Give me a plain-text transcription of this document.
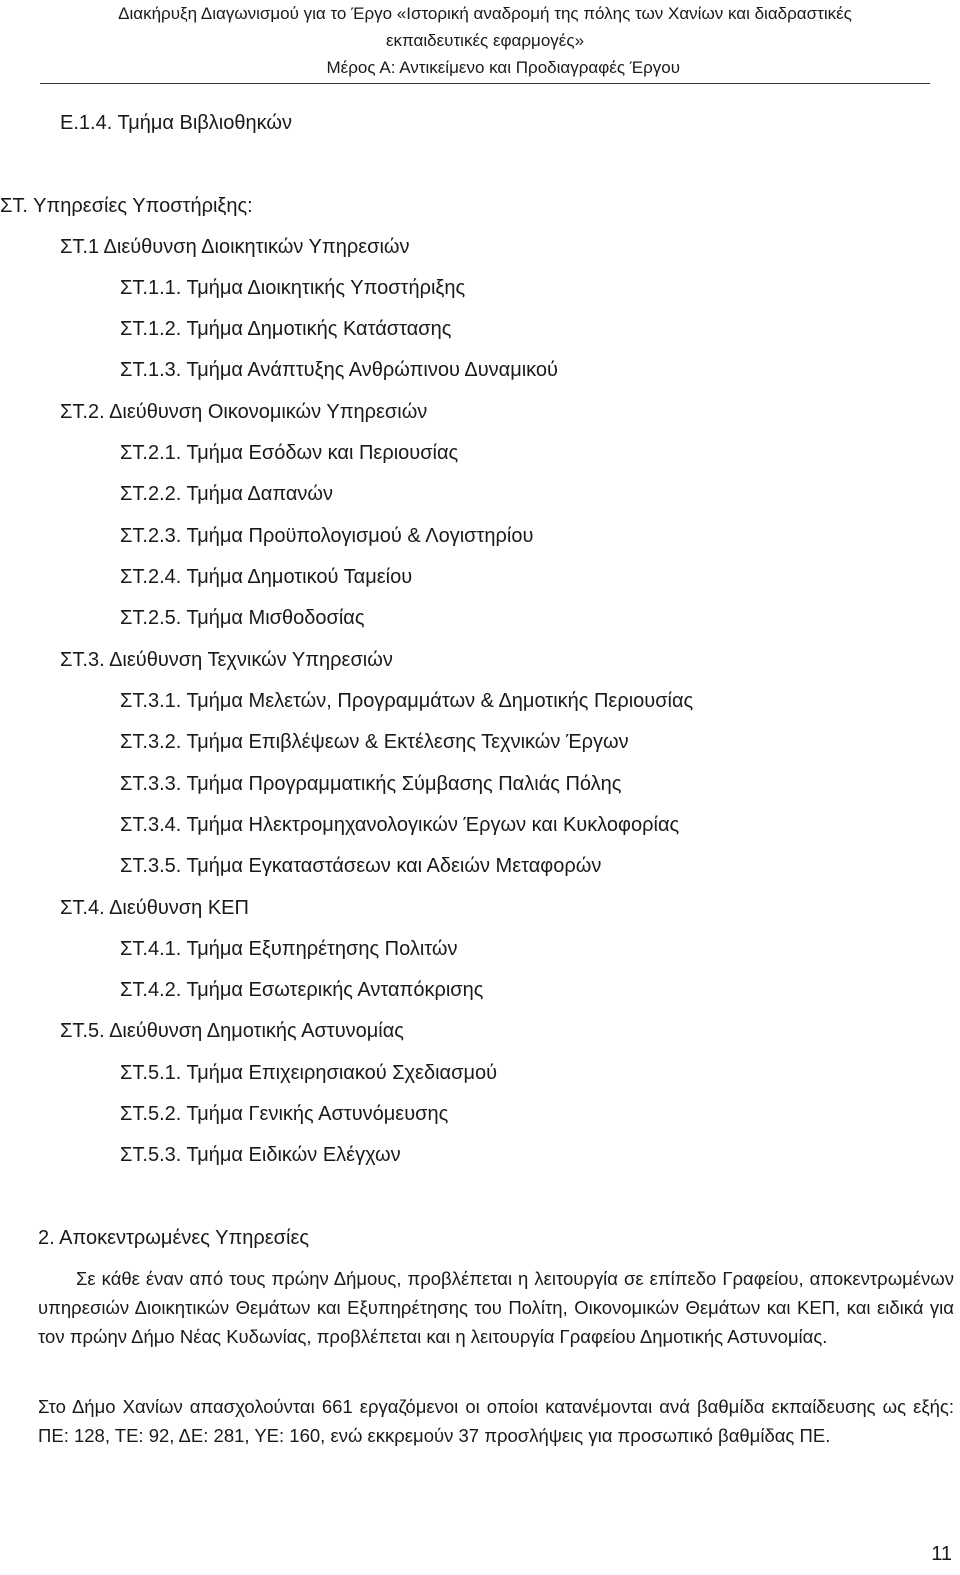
Διακήρυξη Διαγωνισμού για το Έργο «Ιστορική αναδρομή της πόλης των Χανίων και διαδραστικές
εκπαιδευτικές εφαρμογές»

Μέρος Α: Αντικείμενο και Προδιαγραφές Έργου
Ε.1.4. Τμήμα Βιβλιοθηκών
ΣΤ. Υπηρεσίες Υποστήριξης:
ΣΤ.1 Διεύθυνση Διοικητικών Υπηρεσιών
ΣΤ.1.1. Τμήμα Διοικητικής Υποστήριξης
ΣΤ.1.2. Τμήμα Δημοτικής Κατάστασης
ΣΤ.1.3. Τμήμα Ανάπτυξης Ανθρώπινου Δυναμικού
ΣΤ.2. Διεύθυνση Οικονομικών Υπηρεσιών
ΣΤ.2.1. Τμήμα Εσόδων και Περιουσίας
ΣΤ.2.2. Τμήμα Δαπανών
ΣΤ.2.3. Τμήμα Προϋπολογισμού & Λογιστηρίου
ΣΤ.2.4. Τμήμα Δημοτικού Ταμείου
ΣΤ.2.5. Τμήμα Μισθοδοσίας
ΣΤ.3. Διεύθυνση Τεχνικών Υπηρεσιών
ΣΤ.3.1. Τμήμα Μελετών, Προγραμμάτων & Δημοτικής Περιουσίας
ΣΤ.3.2. Τμήμα Επιβλέψεων & Εκτέλεσης Τεχνικών Έργων
ΣΤ.3.3. Τμήμα Προγραμματικής Σύμβασης Παλιάς Πόλης
ΣΤ.3.4. Τμήμα Ηλεκτρομηχανολογικών Έργων και Κυκλοφορίας
ΣΤ.3.5. Τμήμα Εγκαταστάσεων και Αδειών Μεταφορών
ΣΤ.4. Διεύθυνση ΚΕΠ
ΣΤ.4.1. Τμήμα Εξυπηρέτησης Πολιτών
ΣΤ.4.2. Τμήμα Εσωτερικής Ανταπόκρισης
ΣΤ.5. Διεύθυνση Δημοτικής Αστυνομίας
ΣΤ.5.1. Τμήμα Επιχειρησιακού Σχεδιασμού
ΣΤ.5.2. Τμήμα Γενικής Αστυνόμευσης
ΣΤ.5.3. Τμήμα Ειδικών Ελέγχων
2. Αποκεντρωμένες Υπηρεσίες
Σε κάθε έναν από τους πρώην Δήμους, προβλέπεται η λειτουργία σε επίπεδο Γραφείου, αποκεντρωμένων υπηρεσιών Διοικητικών Θεμάτων και Εξυπηρέτησης του Πολίτη, Οικονομικών Θεμάτων και ΚΕΠ, και ειδικά για τον πρώην Δήμο Νέας Κυδωνίας, προβλέπεται και η λειτουργία Γραφείου Δημοτικής Αστυνομίας.
Στο Δήμο Χανίων απασχολούνται 661 εργαζόμενοι οι οποίοι κατανέμονται ανά βαθμίδα εκπαίδευσης ως εξής: ΠΕ: 128, ΤΕ: 92, ΔΕ: 281, ΥΕ: 160, ενώ εκκρεμούν 37 προσλήψεις για προσωπικό βαθμίδας ΠΕ.
11
